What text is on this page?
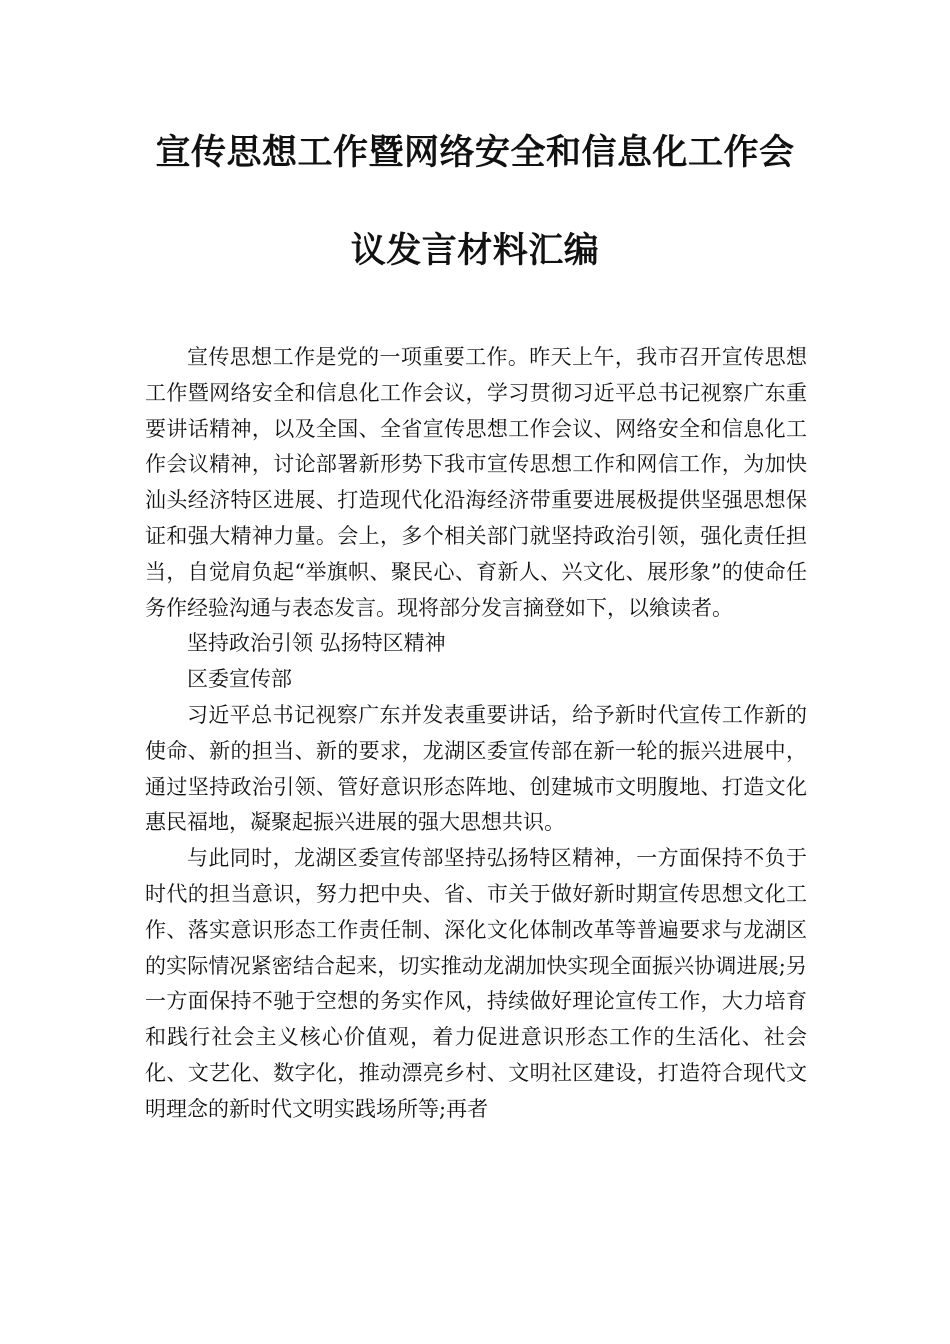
宣传思想工作暨网络安全和信息化工作会
议发言材料汇编

宣传思想工作是党的一项重要工作。昨天上午，我市召开宣传思想工作暨网络安全和信息化工作会议，学习贯彻习近平总书记视察广东重要讲话精神，以及全国、全省宣传思想工作会议、网络安全和信息化工作会议精神，讨论部署新形势下我市宣传思想工作和网信工作，为加快汕头经济特区进展、打造现代化沿海经济带重要进展极提供坚强思想保证和强大精神力量。会上，多个相关部门就坚持政治引领，强化责任担当，自觉肩负起“举旗帜、聚民心、育新人、兴文化、展形象”的使命任务作经验沟通与表态发言。现将部分发言摘登如下，以飨读者。

坚持政治引领 弘扬特区精神

区委宣传部

习近平总书记视察广东并发表重要讲话，给予新时代宣传工作新的使命、新的担当、新的要求，龙湖区委宣传部在新一轮的振兴进展中，通过坚持政治引领、管好意识形态阵地、创建城市文明腹地、打造文化惠民福地，凝聚起振兴进展的强大思想共识。

与此同时，龙湖区委宣传部坚持弘扬特区精神，一方面保持不负于时代的担当意识，努力把中央、省、市关于做好新时期宣传思想文化工作、落实意识形态工作责任制、深化文化体制改革等普遍要求与龙湖区的实际情况紧密结合起来，切实推动龙湖加快实现全面振兴协调进展;另一方面保持不驰于空想的务实作风，持续做好理论宣传工作，大力培育和践行社会主义核心价值观，着力促进意识形态工作的生活化、社会化、文艺化、数字化，推动漂亮乡村、文明社区建设，打造符合现代文明理念的新时代文明实践场所等;再者
